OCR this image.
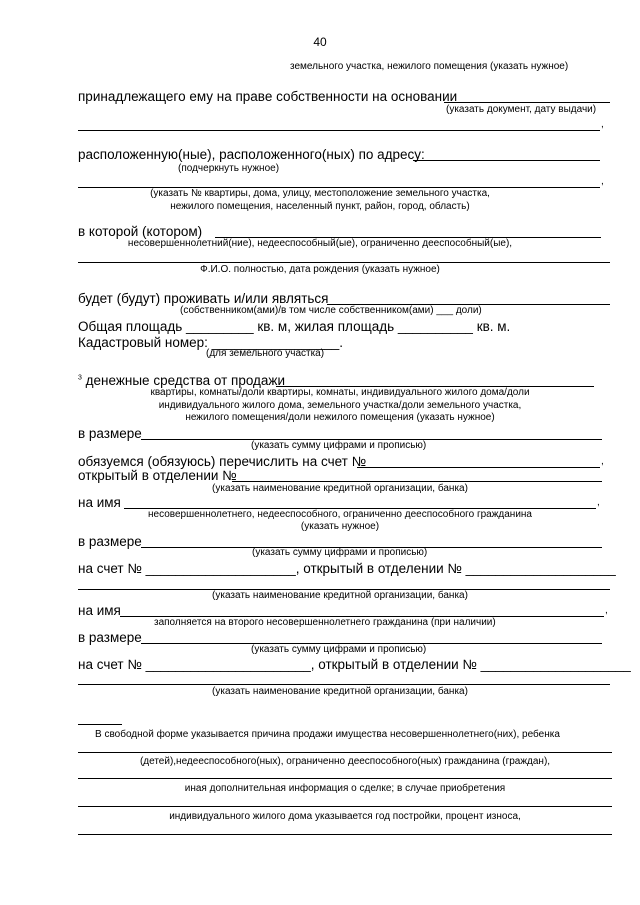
40
земельного участка, нежилого помещения (указать нужное)
принадлежащего ему на праве собственности на основании
(указать документ, дату выдачи)
,
расположенную(ные), расположенного(ных) по адресу:
(подчеркнуть нужное)
,
(указать № квартиры, дома, улицу, местоположение земельного участка,
нежилого помещения, населенный пункт, район, город, область)
в которой (котором)
несовершеннолетний(ние), недееспособный(ые), ограниченно дееспособный(ые),
Ф.И.О. полностью, дата рождения (указать нужное)
будет (будут) проживать и/или являться
(собственником(ами)/в том числе собственником(ами) ___ доли)
Общая площадь _________ кв. м, жилая площадь __________ кв. м.
Кадастровый номер: _________________.
(для земельного участка)
$^3$ денежные средства от продажи
квартиры, комнаты/доли квартиры, комнаты, индивидуального жилого дома/доли
индивидуального жилого дома, земельного участка/доли земельного участка,
нежилого помещения/доли нежилого помещения (указать нужное)
в размере
(указать сумму цифрами и прописью)
обязуемся (обязуюсь) перечислить на счет №	,
открытый в отделении №
(указать наименование кредитной организации, банка)
на имя	,
несовершеннолетнего, недееспособного, ограниченно дееспособного гражданина
(указать нужное)
в размере
(указать сумму цифрами и прописью)
на счет № ____________________, открытый в отделении № ____________________
(указать наименование кредитной организации, банка)
на имя	,
заполняется на второго несовершеннолетнего гражданина (при наличии)
в размере
(указать сумму цифрами и прописью)
на счет № ______________________, открытый в отделении № ____________________
(указать наименование кредитной организации, банка)
В свободной форме указывается причина продажи имущества несовершеннолетнего(них), ребенка
(детей),недееспособного(ных), ограниченно дееспособного(ных) гражданина (граждан),
иная дополнительная информация о сделке; в случае приобретения
индивидуального жилого дома указывается год постройки, процент износа,
